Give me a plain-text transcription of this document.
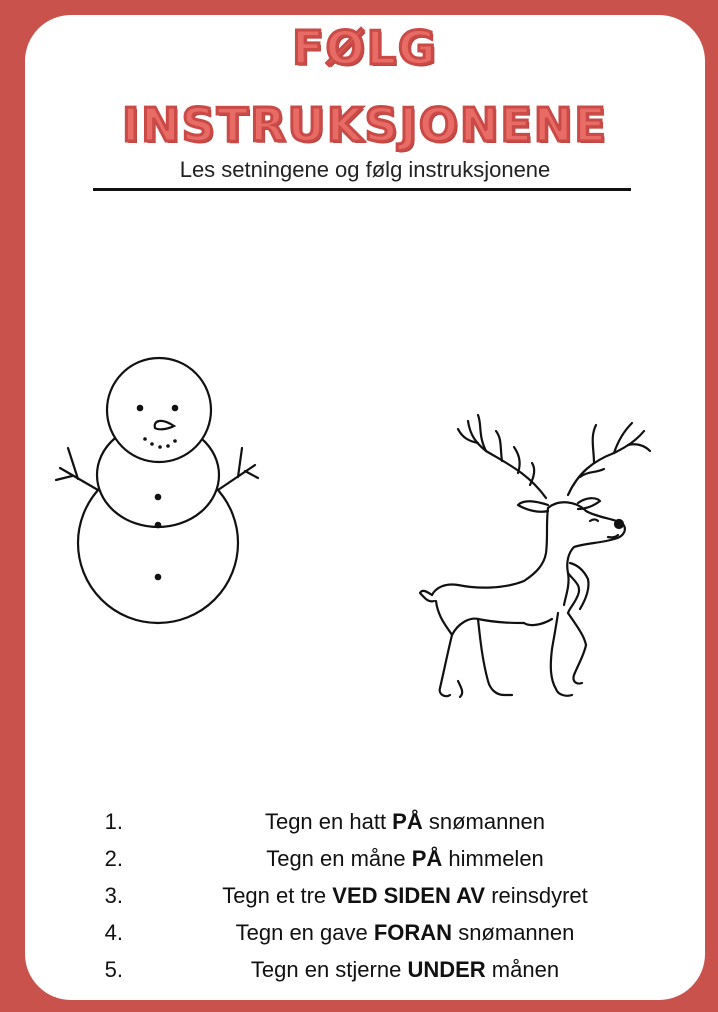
FØLG
INSTRUKSJONENE

Les setningene og følg instruksjonene

1.	Tegn en hatt PÅ snømannen
2.	Tegn en måne PÅ himmelen
3.	Tegn et tre VED SIDEN AV reinsdyret
4.	Tegn en gave FORAN snømannen
5.	Tegn en stjerne UNDER månen
